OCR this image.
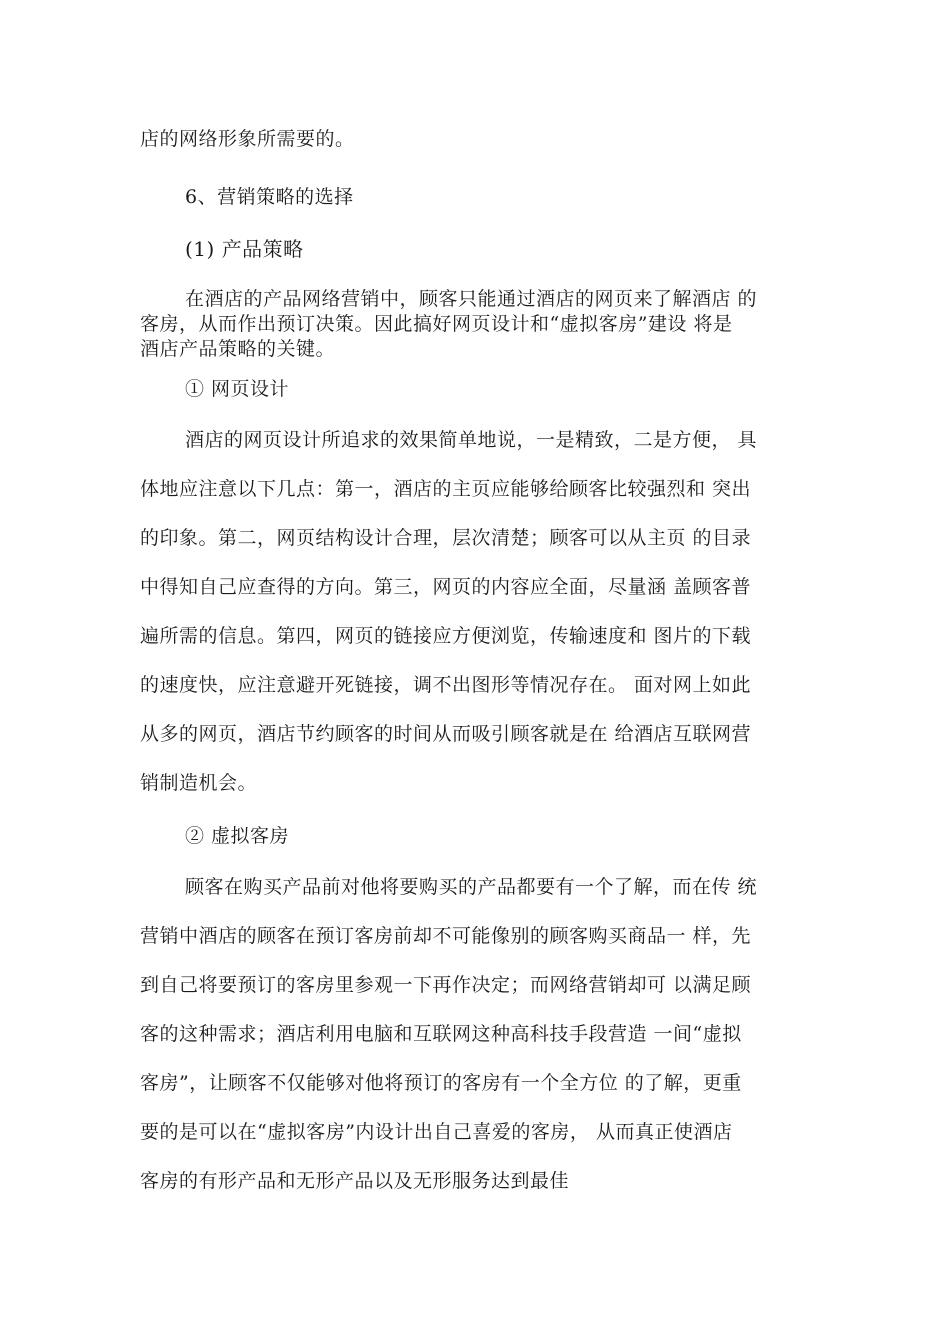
店的网络形象所需要的。
6、营销策略的选择
(1) 产品策略
在酒店的产品网络营销中，顾客只能通过酒店的网页来了解酒店 的
客房，从而作出预订决策。因此搞好网页设计和“虚拟客房”建设 将是
酒店产品策略的关键。
① 网页设计
酒店的网页设计所追求的效果简单地说，一是精致，二是方便， 具
体地应注意以下几点：第一，酒店的主页应能够给顾客比较强烈和 突出
的印象。第二，网页结构设计合理，层次清楚；顾客可以从主页 的目录
中得知自己应查得的方向。第三，网页的内容应全面，尽量涵 盖顾客普
遍所需的信息。第四，网页的链接应方便浏览，传输速度和 图片的下载
的速度快，应注意避开死链接，调不出图形等情况存在。 面对网上如此
从多的网页，酒店节约顾客的时间从而吸引顾客就是在 给酒店互联网营
销制造机会。
② 虚拟客房
顾客在购买产品前对他将要购买的产品都要有一个了解，而在传 统
营销中酒店的顾客在预订客房前却不可能像别的顾客购买商品一 样，先
到自己将要预订的客房里参观一下再作决定；而网络营销却可 以满足顾
客的这种需求；酒店利用电脑和互联网这种高科技手段营造 一间“虚拟
客房”，让顾客不仅能够对他将预订的客房有一个全方位 的了解，更重
要的是可以在“虚拟客房”内设计出自己喜爱的客房， 从而真正使酒店
客房的有形产品和无形产品以及无形服务达到最佳
